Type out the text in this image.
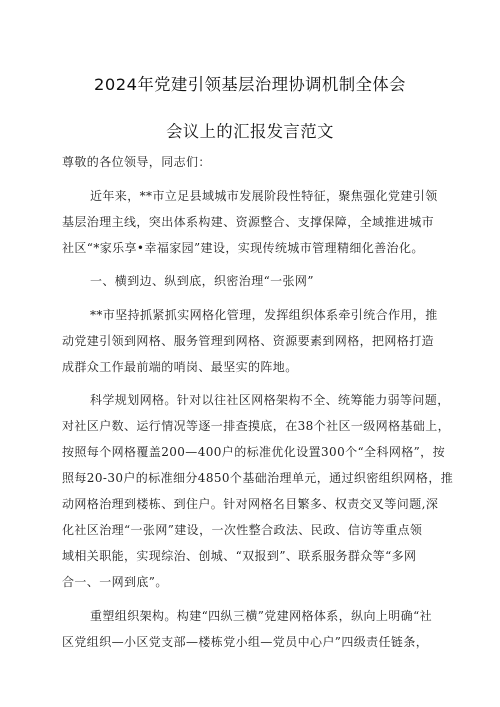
2024年党建引领基层治理协调机制全体会
会议上的汇报发言范文
尊敬的各位领导，同志们：
近年来，**市立足县域城市发展阶段性特征，聚焦强化党建引领
基层治理主线，突出体系构建、资源整合、支撑保障，全域推进城市
社区“*家乐享•幸福家园”建设，实现传统城市管理精细化善治化。
一、横到边、纵到底，织密治理“一张网”
**市坚持抓紧抓实网格化管理，发挥组织体系牵引统合作用，推
动党建引领到网格、服务管理到网格、资源要素到网格，把网格打造
成群众工作最前端的哨岗、最坚实的阵地。
科学规划网格。针对以往社区网格架构不全、统筹能力弱等问题，
对社区户数、运行情况等逐一排查摸底，在38个社区一级网格基础上，
按照每个网格覆盖200—400户的标准优化设置300个“全科网格”，按
照每20-30户的标准细分4850个基础治理单元，通过织密组织网格，推
动网格治理到楼栋、到住户。针对网格名目繁多、权责交叉等问题,深
化社区治理“一张网”建设，一次性整合政法、民政、信访等重点领
域相关职能，实现综治、创城、“双报到”、联系服务群众等“多网
合一、一网到底”。
重塑组织架构。构建“四纵三横”党建网格体系，纵向上明确“社
区党组织—小区党支部—楼栋党小组—党员中心户”四级责任链条，
